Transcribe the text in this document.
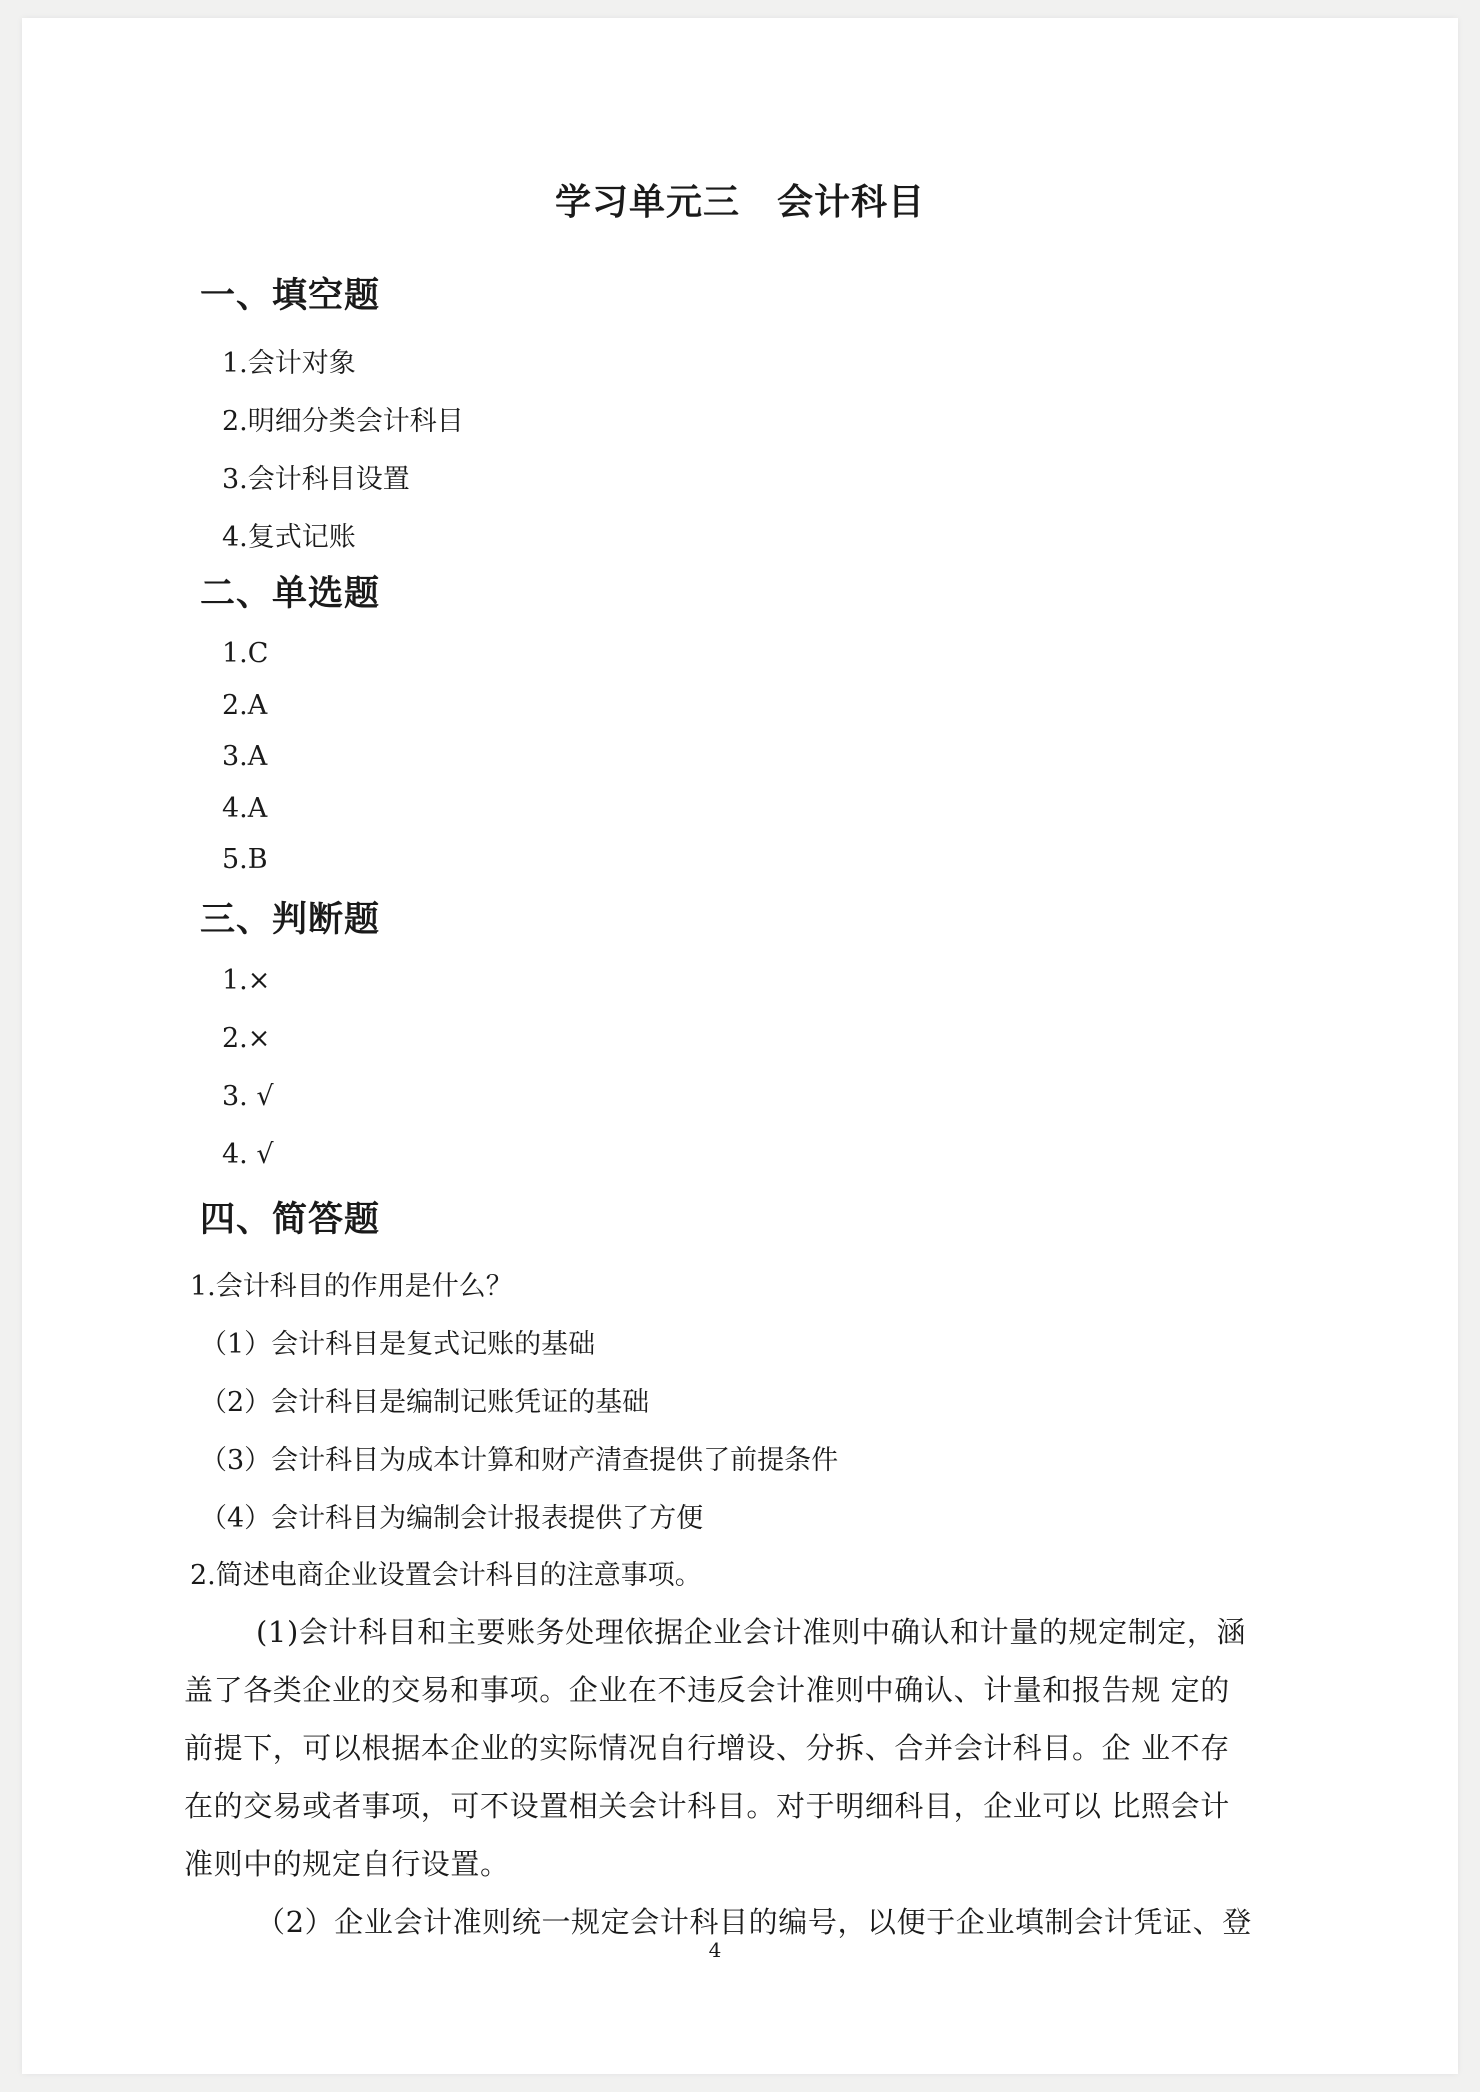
学习单元三　会计科目
一、填空题
1.会计对象
2.明细分类会计科目
3.会计科目设置
4.复式记账
二、单选题
1.C
2.A
3.A
4.A
5.B
三、判断题
1.×
2.×
3. √
4. √
四、简答题
1.会计科目的作用是什么？
（1）会计科目是复式记账的基础
（2）会计科目是编制记账凭证的基础
（3）会计科目为成本计算和财产清查提供了前提条件
（4）会计科目为编制会计报表提供了方便
2.简述电商企业设置会计科目的注意事项。
(1)会计科目和主要账务处理依据企业会计准则中确认和计量的规定制定，涵
盖了各类企业的交易和事项。企业在不违反会计准则中确认、计量和报告规 定的
前提下，可以根据本企业的实际情况自行增设、分拆、合并会计科目。企 业不存
在的交易或者事项，可不设置相关会计科目。对于明细科目，企业可以 比照会计
准则中的规定自行设置。
（2）企业会计准则统一规定会计科目的编号，以便于企业填制会计凭证、登
4
